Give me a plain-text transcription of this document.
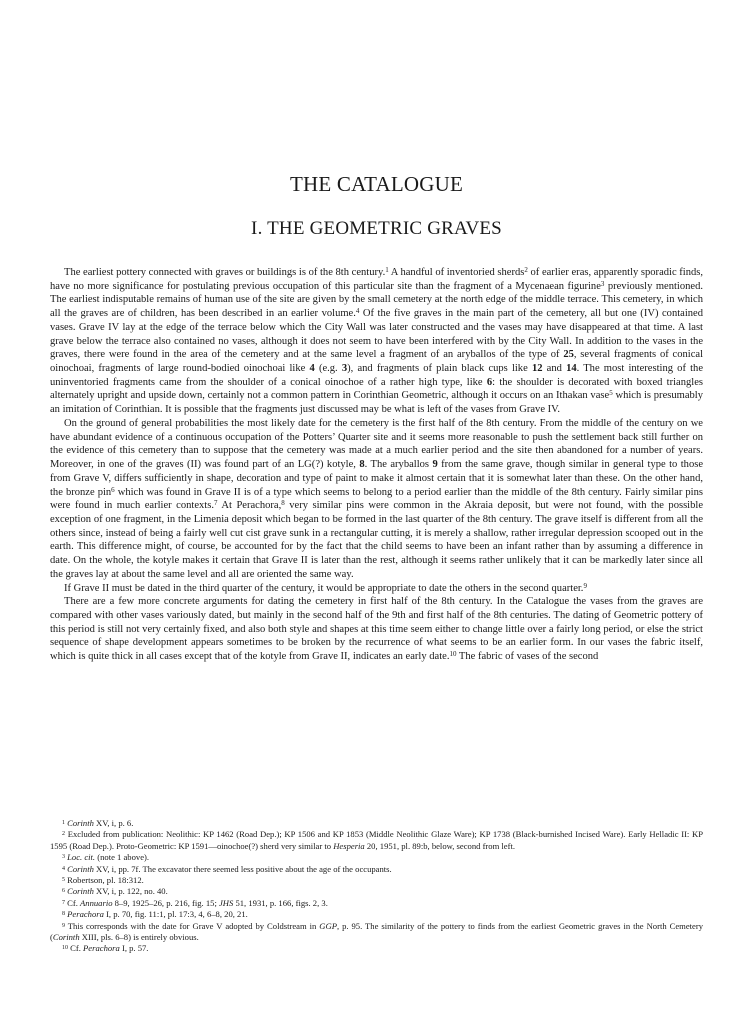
THE CATALOGUE
I. THE GEOMETRIC GRAVES

The earliest pottery connected with graves or buildings is of the 8th century.$^1$ A handful of inventoried sherds$^2$ of earlier eras, apparently sporadic finds, have no more significance for postulating previous occupation of this particular site than the fragment of a Mycenaean figurine$^3$ previously mentioned. The earliest indisputable remains of human use of the site are given by the small cemetery at the north edge of the middle terrace. This cemetery, in which all the graves are of children, has been described in an earlier volume.$^4$ Of the five graves in the main part of the cemetery, all but one (IV) contained vases. Grave IV lay at the edge of the terrace below which the City Wall was later constructed and the vases may have disappeared at that time. A last grave below the terrace also contained no vases, although it does not seem to have been interfered with by the City Wall. In addition to the vases in the graves, there were found in the area of the cemetery and at the same level a fragment of an aryballos of the type of 25, several fragments of conical oinochoai, fragments of large round-bodied oinochoai like 4 (e.g. 3), and fragments of plain black cups like 12 and 14. The most interesting of the uninventoried fragments came from the shoulder of a conical oinochoe of a rather high type, like 6: the shoulder is decorated with boxed triangles alternately upright and upside down, certainly not a common pattern in Corinthian Geometric, although it occurs on an Ithakan vase$^5$ which is presumably an imitation of Corinthian. It is possible that the fragments just discussed may be what is left of the vases from Grave IV.

On the ground of general probabilities the most likely date for the cemetery is the first half of the 8th century. From the middle of the century on we have abundant evidence of a continuous occupation of the Potters’ Quarter site and it seems more reasonable to push the settlement back still further on the evidence of this cemetery than to suppose that the cemetery was made at a much earlier period and the site then abandoned for a number of years. Moreover, in one of the graves (II) was found part of an LG(?) kotyle, 8. The aryballos 9 from the same grave, though similar in general type to those from Grave V, differs sufficiently in shape, decoration and type of paint to make it almost certain that it is somewhat later than these. On the other hand, the bronze pin$^6$ which was found in Grave II is of a type which seems to belong to a period earlier than the middle of the 8th century. Fairly similar pins were found in much earlier contexts.$^7$ At Perachora,$^8$ very similar pins were common in the Akraia deposit, but were not found, with the possible exception of one fragment, in the Limenia deposit which began to be formed in the last quarter of the 8th century. The grave itself is different from all the others since, instead of being a fairly well cut cist grave sunk in a rectangular cutting, it is merely a shallow, rather irregular depression scooped out in the earth. This difference might, of course, be accounted for by the fact that the child seems to have been an infant rather than by assuming a difference in date. On the whole, the kotyle makes it certain that Grave II is later than the rest, although it seems rather unlikely that it can be markedly later since all the graves lay at about the same level and all are oriented the same way.

If Grave II must be dated in the third quarter of the century, it would be appropriate to date the others in the second quarter.$^9$

There are a few more concrete arguments for dating the cemetery in first half of the 8th century. In the Catalogue the vases from the graves are compared with other vases variously dated, but mainly in the second half of the 9th and first half of the 8th centuries. The dating of Geometric pottery of this period is still not very certainly fixed, and also both style and shapes at this time seem either to change little over a fairly long period, or else the strict sequence of shape development appears sometimes to be broken by the recurrence of what seems to be an earlier form. In our vases the fabric itself, which is quite thick in all cases except that of the kotyle from Grave II, indicates an early date.$^{10}$ The fabric of vases of the second

$^1$ Corinth XV, i, p. 6.

$^2$ Excluded from publication: Neolithic: KP 1462 (Road Dep.); KP 1506 and KP 1853 (Middle Neolithic Glaze Ware); KP 1738 (Black-burnished Incised Ware). Early Helladic II: KP 1595 (Road Dep.). Proto-Geometric: KP 1591—oinochoe(?) sherd very similar to Hesperia 20, 1951, pl. 89:b, below, second from left.

$^3$ Loc. cit. (note 1 above).

$^4$ Corinth XV, i, pp. 7f. The excavator there seemed less positive about the age of the occupants.

$^5$ Robertson, pl. 18:312.

$^6$ Corinth XV, i, p. 122, no. 40.

$^7$ Cf. Annuario 8–9, 1925–26, p. 216, fig. 15; JHS 51, 1931, p. 166, figs. 2, 3.

$^8$ Perachora I, p. 70, fig. 11:1, pl. 17:3, 4, 6–8, 20, 21.

$^9$ This corresponds with the date for Grave V adopted by Coldstream in GGP, p. 95. The similarity of the pottery to finds from the earliest Geometric graves in the North Cemetery (Corinth XIII, pls. 6–8) is entirely obvious.

$^{10}$ Cf. Perachora I, p. 57.
